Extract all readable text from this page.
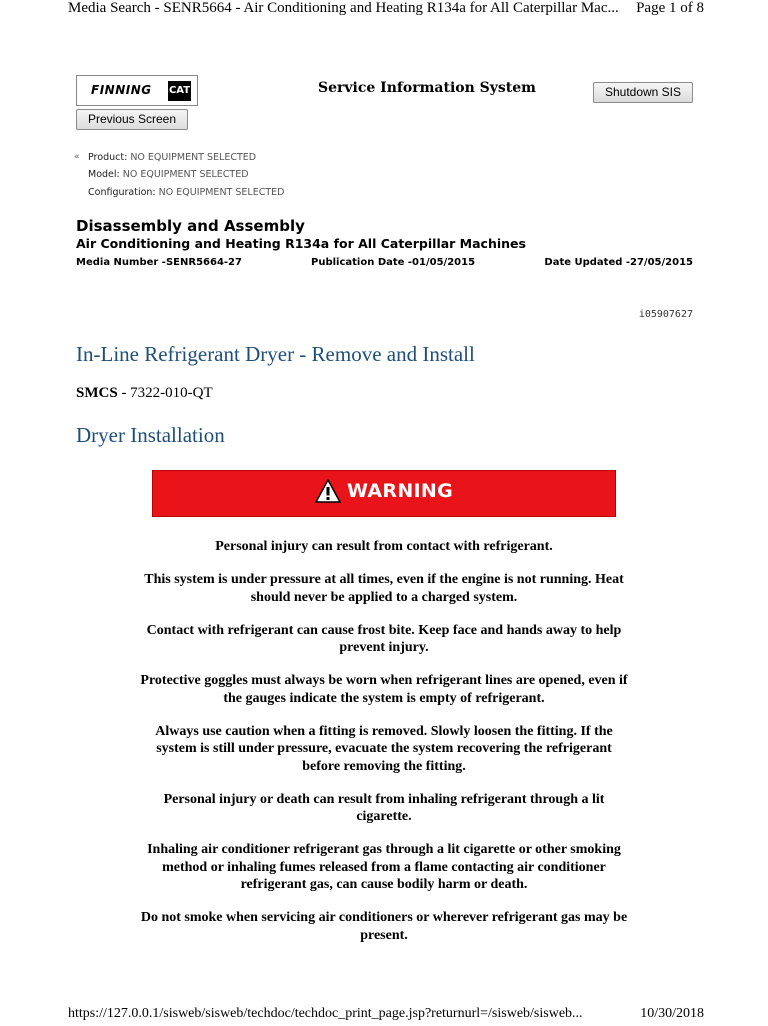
Media Search - SENR5664 - Air Conditioning and Heating R134a for All Caterpillar Mac... Page 1 of 8
FINNING CAT	Service Information System	Shutdown SIS
Previous Screen
« Product: NO EQUIPMENT SELECTED
Model: NO EQUIPMENT SELECTED
Configuration: NO EQUIPMENT SELECTED
Disassembly and Assembly
Air Conditioning and Heating R134a for All Caterpillar Machines
Media Number -SENR5664-27	Publication Date -01/05/2015	Date Updated -27/05/2015
i05907627
In-Line Refrigerant Dryer - Remove and Install
SMCS - 7322-010-QT
Dryer Installation
WARNING

Personal injury can result from contact with refrigerant.

This system is under pressure at all times, even if the engine is not running. Heat should never be applied to a charged system.

Contact with refrigerant can cause frost bite. Keep face and hands away to help prevent injury.

Protective goggles must always be worn when refrigerant lines are opened, even if the gauges indicate the system is empty of refrigerant.

Always use caution when a fitting is removed. Slowly loosen the fitting. If the system is still under pressure, evacuate the system recovering the refrigerant before removing the fitting.

Personal injury or death can result from inhaling refrigerant through a lit cigarette.

Inhaling air conditioner refrigerant gas through a lit cigarette or other smoking method or inhaling fumes released from a flame contacting air conditioner refrigerant gas, can cause bodily harm or death.

Do not smoke when servicing air conditioners or wherever refrigerant gas may be present.

https://127.0.0.1/sisweb/sisweb/techdoc/techdoc_print_page.jsp?returnurl=/sisweb/sisweb...	10/30/2018
